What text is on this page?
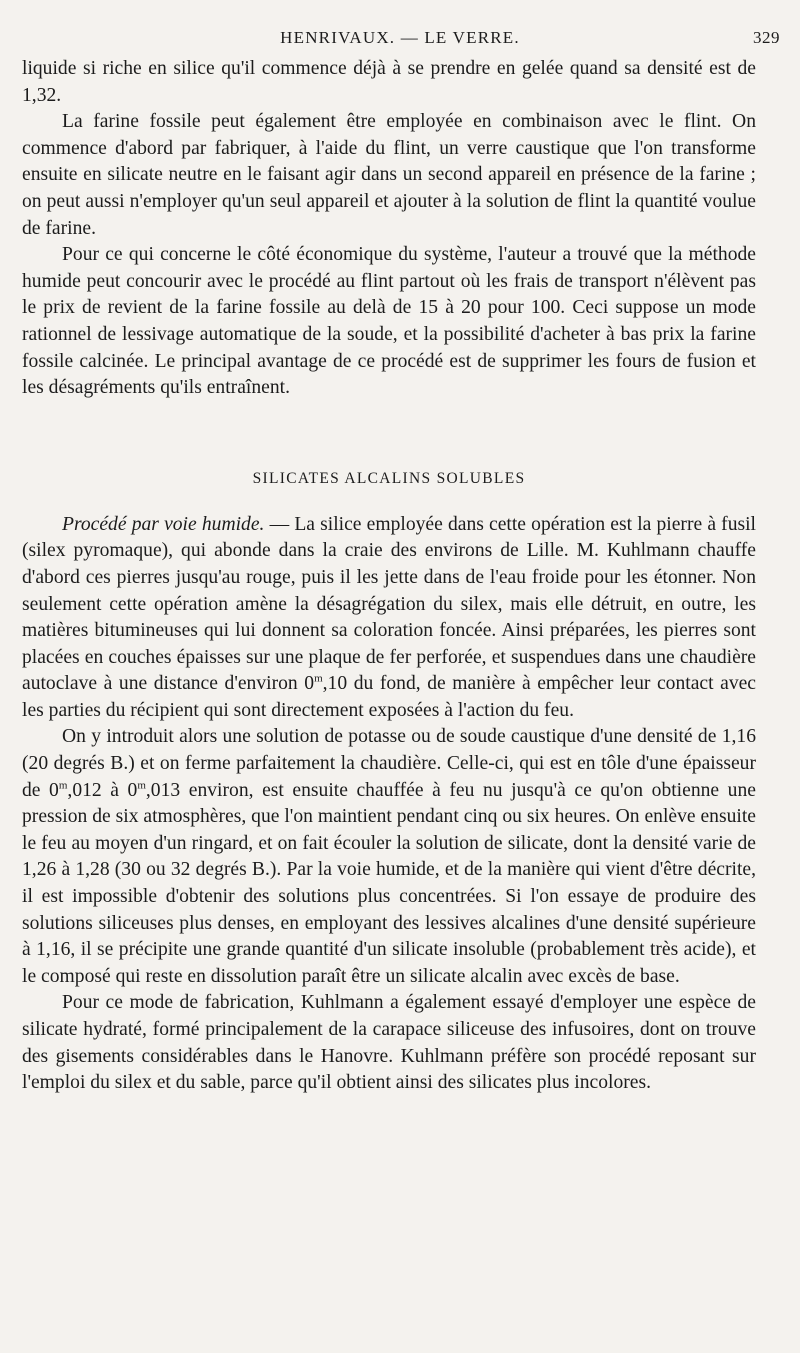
HENRIVAUX. — LE VERRE.	329

liquide si riche en silice qu'il commence déjà à se prendre en gelée quand sa densité est de 1,32.

La farine fossile peut également être employée en combinaison avec le flint. On commence d'abord par fabriquer, à l'aide du flint, un verre caustique que l'on transforme ensuite en silicate neutre en le faisant agir dans un second appareil en présence de la farine ; on peut aussi n'employer qu'un seul appareil et ajouter à la solution de flint la quantité voulue de farine.

Pour ce qui concerne le côté économique du système, l'auteur a trouvé que la méthode humide peut concourir avec le procédé au flint partout où les frais de transport n'élèvent pas le prix de revient de la farine fossile au delà de 15 à 20 pour 100. Ceci suppose un mode rationnel de lessivage automatique de la soude, et la possibilité d'acheter à bas prix la farine fossile calcinée. Le principal avantage de ce procédé est de supprimer les fours de fusion et les désagréments qu'ils entraînent.

SILICATES ALCALINS SOLUBLES

Procédé par voie humide. — La silice employée dans cette opération est la pierre à fusil (silex pyromaque), qui abonde dans la craie des environs de Lille. M. Kuhlmann chauffe d'abord ces pierres jusqu'au rouge, puis il les jette dans de l'eau froide pour les étonner. Non seulement cette opération amène la désagrégation du silex, mais elle détruit, en outre, les matières bitumineuses qui lui donnent sa coloration foncée. Ainsi préparées, les pierres sont placées en couches épaisses sur une plaque de fer perforée, et suspendues dans une chaudière autoclave à une distance d'environ 0$^m$,10 du fond, de manière à empêcher leur contact avec les parties du récipient qui sont directement exposées à l'action du feu.

On y introduit alors une solution de potasse ou de soude caustique d'une densité de 1,16 (20 degrés B.) et on ferme parfaitement la chaudière. Celle-ci, qui est en tôle d'une épaisseur de 0$^m$,012 à 0$^m$,013 environ, est ensuite chauffée à feu nu jusqu'à ce qu'on obtienne une pression de six atmosphères, que l'on maintient pendant cinq ou six heures. On enlève ensuite le feu au moyen d'un ringard, et on fait écouler la solution de silicate, dont la densité varie de 1,26 à 1,28 (30 ou 32 degrés B.). Par la voie humide, et de la manière qui vient d'être décrite, il est impossible d'obtenir des solutions plus concentrées. Si l'on essaye de produire des solutions siliceuses plus denses, en employant des lessives alcalines d'une densité supérieure à 1,16, il se précipite une grande quantité d'un silicate insoluble (probablement très acide), et le composé qui reste en dissolution paraît être un silicate alcalin avec excès de base.

Pour ce mode de fabrication, Kuhlmann a également essayé d'employer une espèce de silicate hydraté, formé principalement de la carapace siliceuse des infusoires, dont on trouve des gisements considérables dans le Hanovre. Kuhlmann préfère son procédé reposant sur l'emploi du silex et du sable, parce qu'il obtient ainsi des silicates plus incolores.
